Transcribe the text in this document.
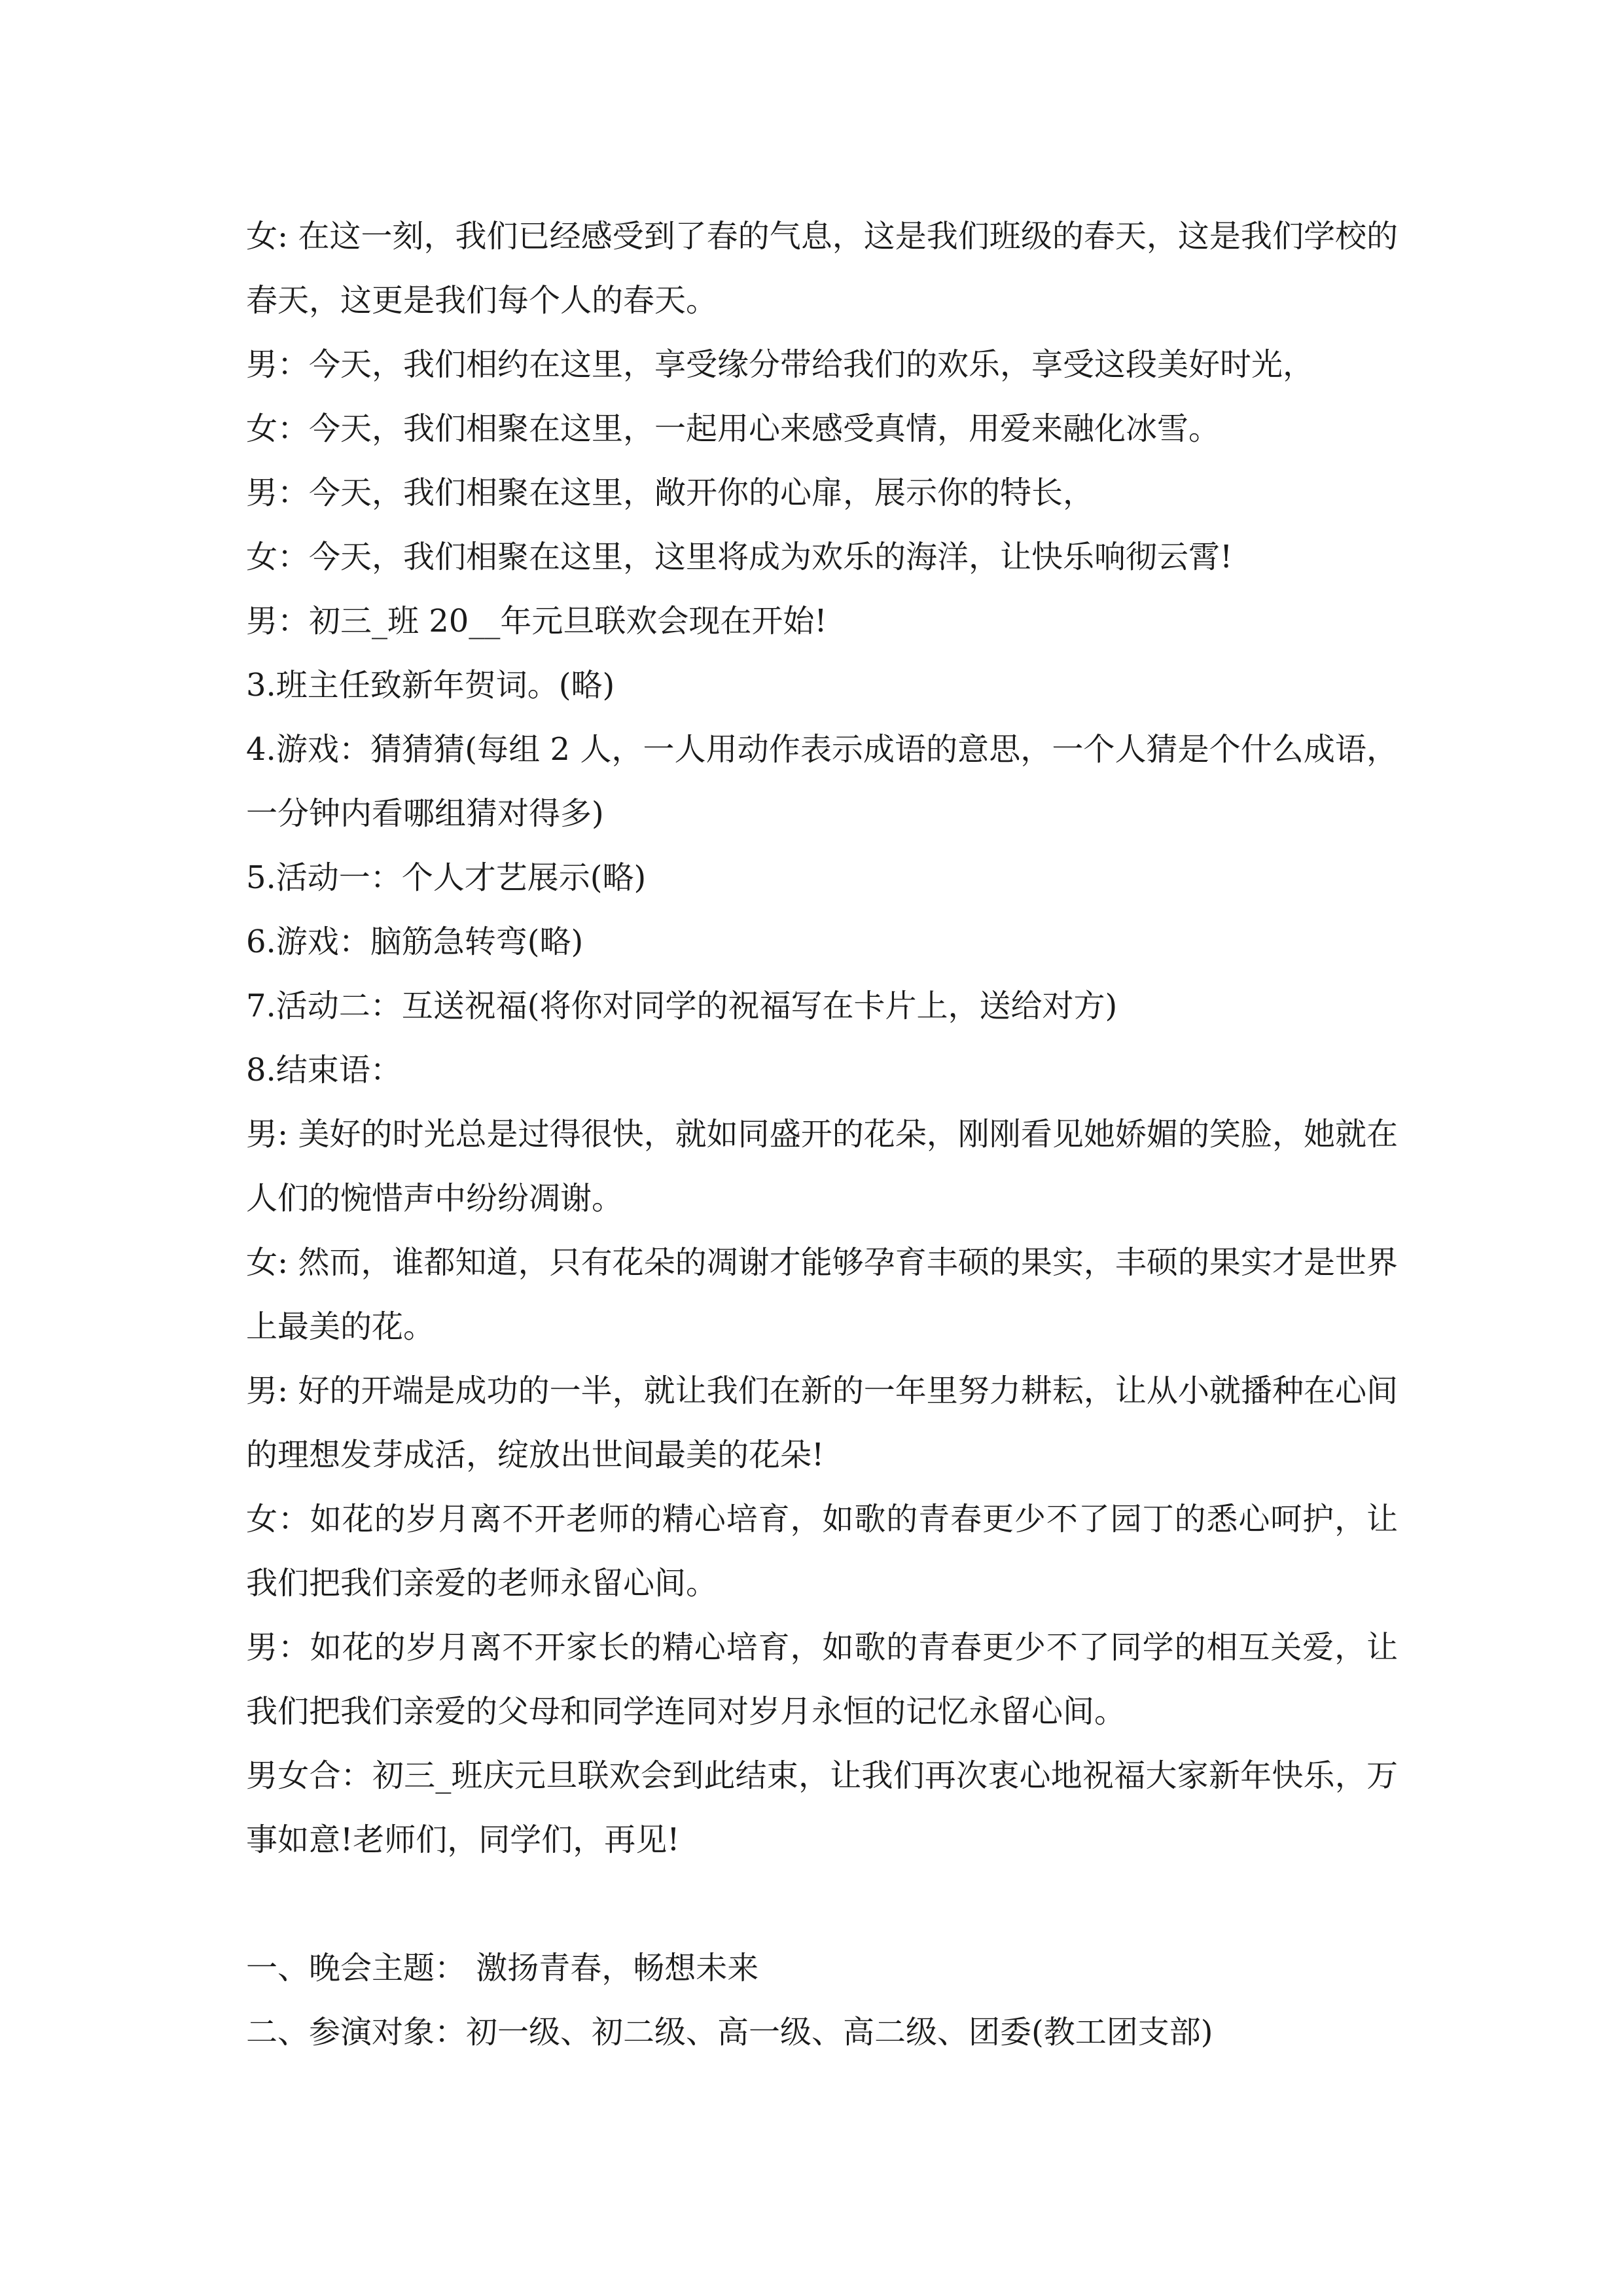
女: 在这一刻，我们已经感受到了春的气息，这是我们班级的春天，这是我们学校的春天，这更是我们每个人的春天。

男：今天，我们相约在这里，享受缘分带给我们的欢乐，享受这段美好时光，

女：今天，我们相聚在这里，一起用心来感受真情，用爱来融化冰雪。

男：今天，我们相聚在这里，敞开你的心扉，展示你的特长，

女：今天，我们相聚在这里，这里将成为欢乐的海洋，让快乐响彻云霄!

男：初三_班 20__年元旦联欢会现在开始!

3.班主任致新年贺词。(略)

4.游戏：猜猜猜(每组 2 人，一人用动作表示成语的意思，一个人猜是个什么成语，一分钟内看哪组猜对得多)

5.活动一：个人才艺展示(略)

6.游戏：脑筋急转弯(略)

7.活动二：互送祝福(将你对同学的祝福写在卡片上，送给对方)

8.结束语：

男: 美好的时光总是过得很快，就如同盛开的花朵，刚刚看见她娇媚的笑脸，她就在人们的惋惜声中纷纷凋谢。

女: 然而，谁都知道，只有花朵的凋谢才能够孕育丰硕的果实，丰硕的果实才是世界上最美的花。

男: 好的开端是成功的一半，就让我们在新的一年里努力耕耘，让从小就播种在心间的理想发芽成活，绽放出世间最美的花朵!

女：如花的岁月离不开老师的精心培育，如歌的青春更少不了园丁的悉心呵护，让我们把我们亲爱的老师永留心间。

男：如花的岁月离不开家长的精心培育，如歌的青春更少不了同学的相互关爱，让我们把我们亲爱的父母和同学连同对岁月永恒的记忆永留心间。

男女合：初三_班庆元旦联欢会到此结束，让我们再次衷心地祝福大家新年快乐，万事如意!老师们，同学们，再见!

一、晚会主题： 激扬青春，畅想未来

二、参演对象：初一级、初二级、高一级、高二级、团委(教工团支部)
